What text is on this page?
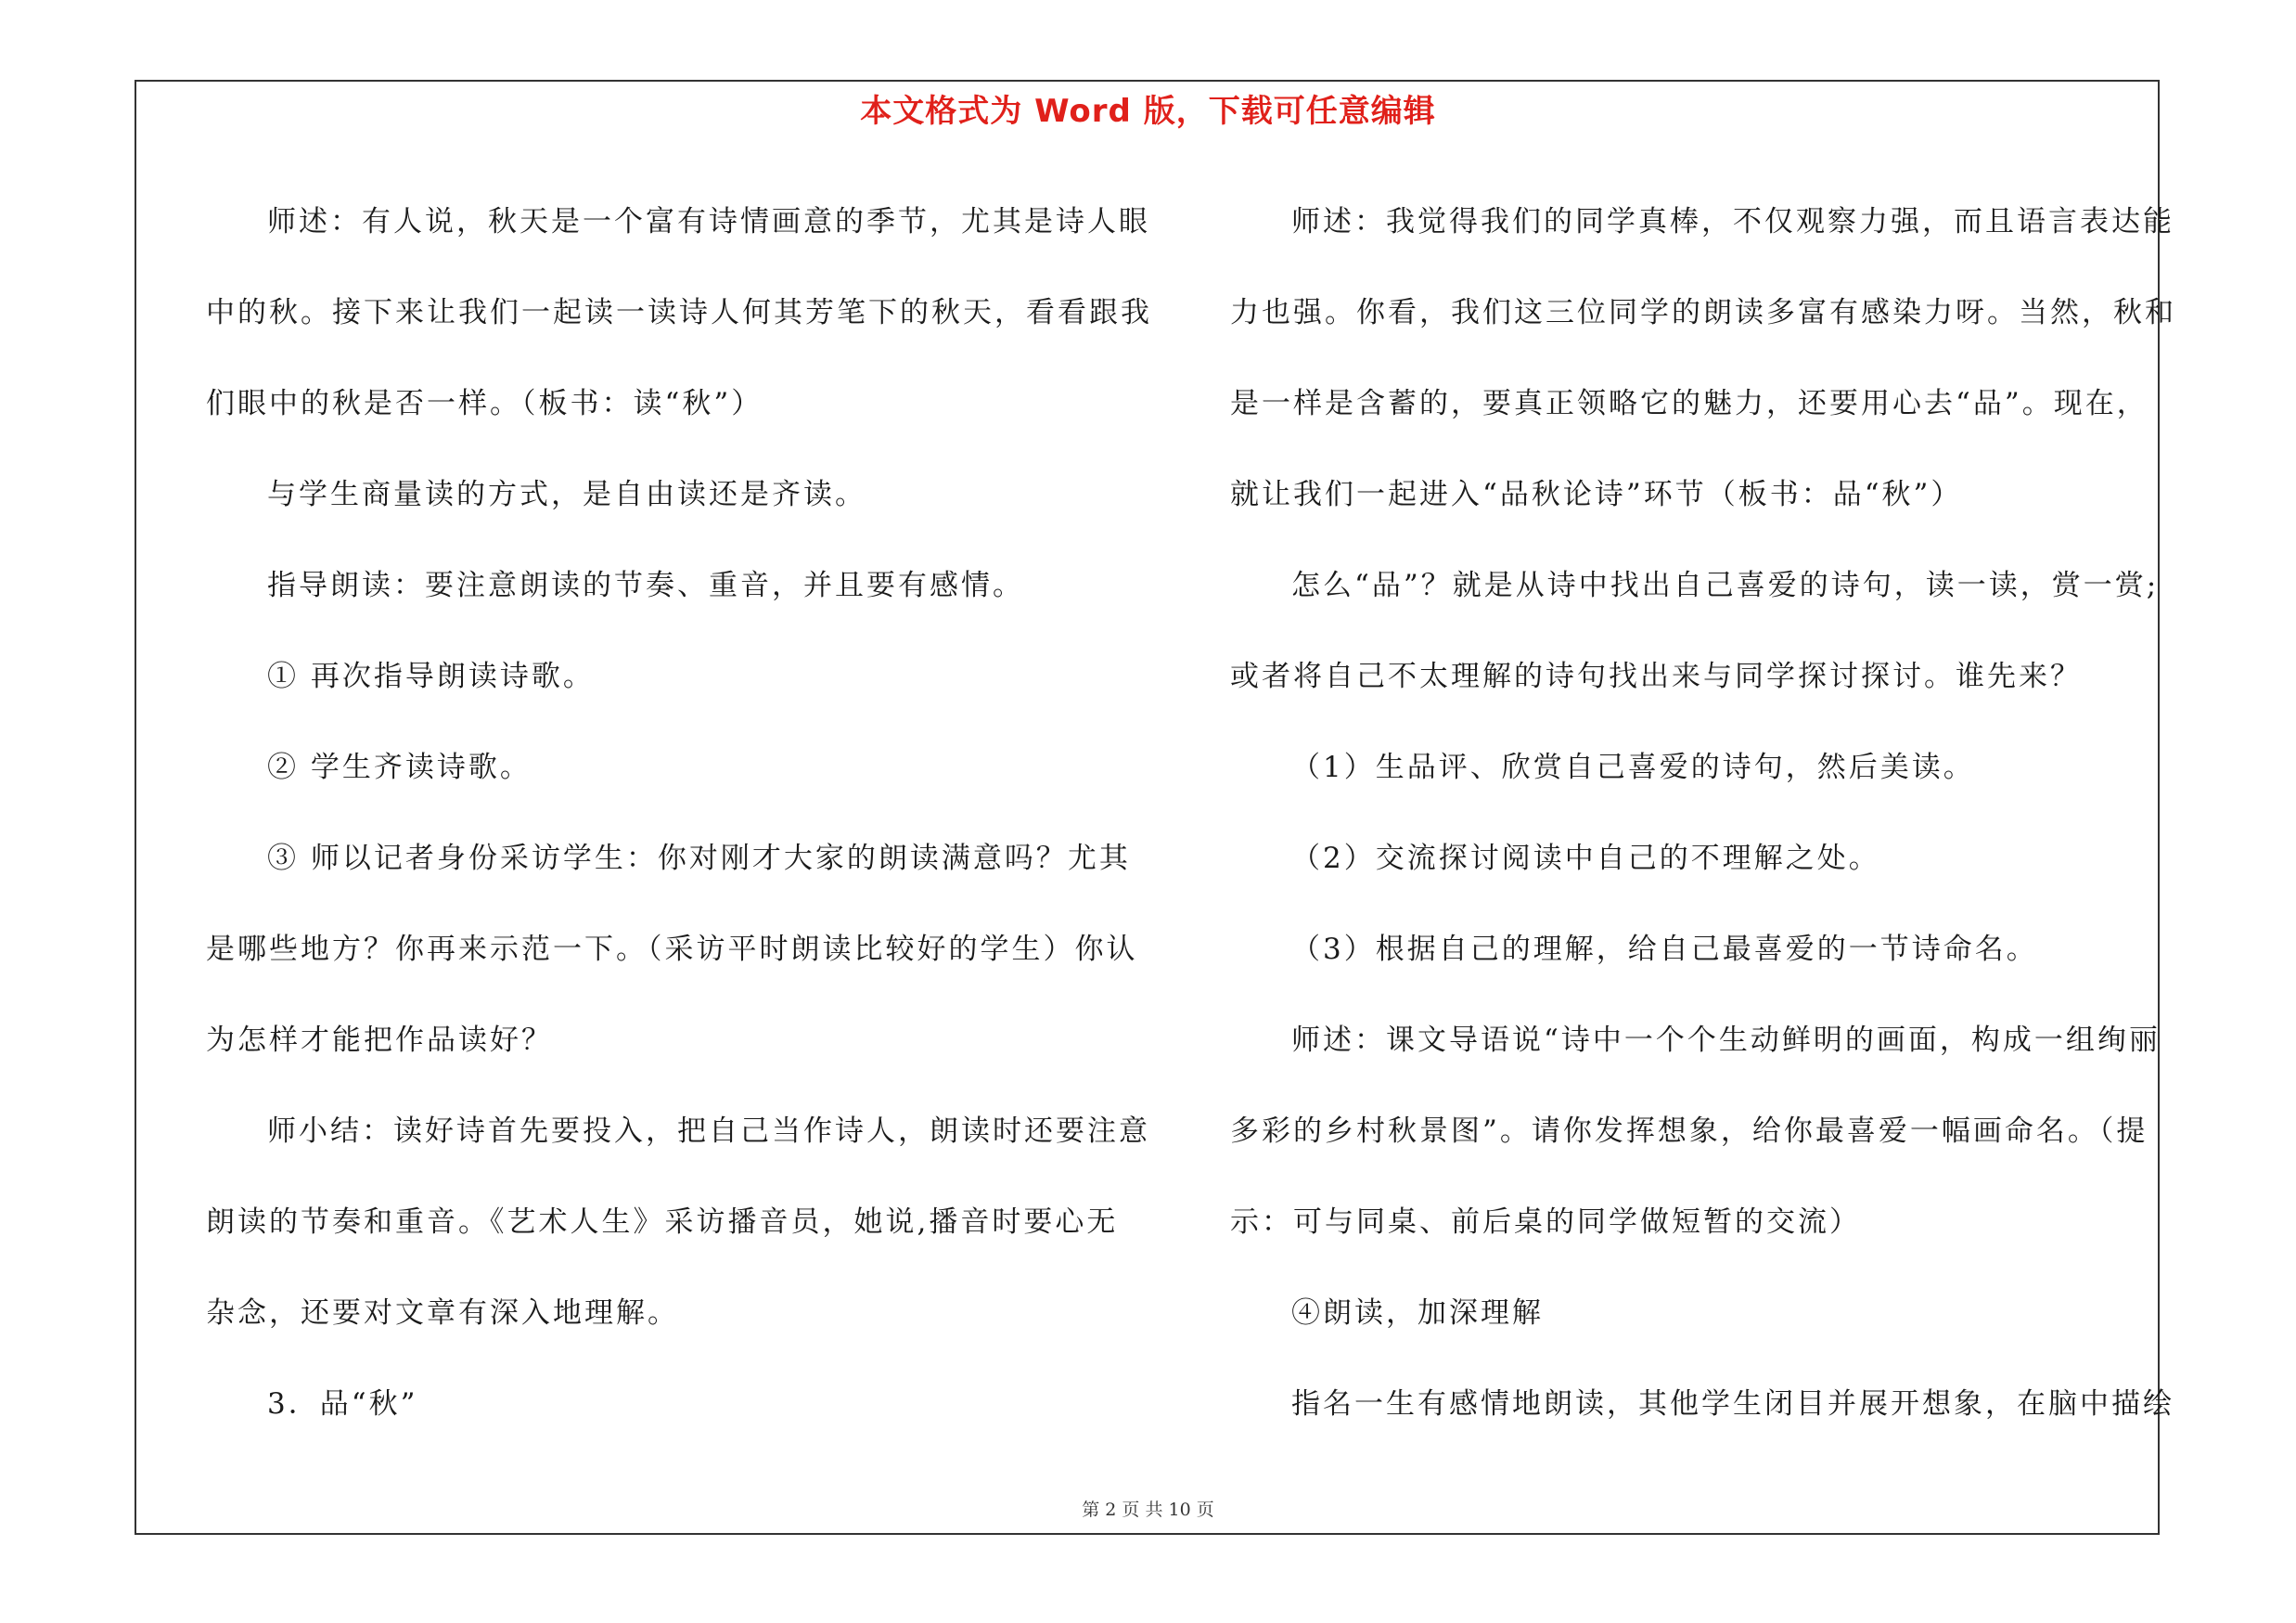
本文格式为 Word 版，下载可任意编辑

师述：有人说，秋天是一个富有诗情画意的季节，尤其是诗人眼

中的秋。接下来让我们一起读一读诗人何其芳笔下的秋天，看看跟我

们眼中的秋是否一样。（板书：读“秋”）

与学生商量读的方式，是自由读还是齐读。

指导朗读：要注意朗读的节奏、重音，并且要有感情。

① 再次指导朗读诗歌。

② 学生齐读诗歌。

③ 师以记者身份采访学生：你对刚才大家的朗读满意吗？尤其

是哪些地方？你再来示范一下。（采访平时朗读比较好的学生）你认

为怎样才能把作品读好？

师小结：读好诗首先要投入，把自己当作诗人，朗读时还要注意

朗读的节奏和重音。《艺术人生》采访播音员，她说,播音时要心无

杂念，还要对文章有深入地理解。

3．品“秋”

师述：我觉得我们的同学真棒，不仅观察力强，而且语言表达能

力也强。你看，我们这三位同学的朗读多富有感染力呀。当然，秋和

是一样是含蓄的，要真正领略它的魅力，还要用心去“品”。现在，

就让我们一起进入“品秋论诗”环节（板书：品“秋”）

怎么“品”？就是从诗中找出自己喜爱的诗句，读一读，赏一赏;

或者将自己不太理解的诗句找出来与同学探讨探讨。谁先来？

（1）生品评、欣赏自己喜爱的诗句，然后美读。

（2）交流探讨阅读中自己的不理解之处。

（3）根据自己的理解，给自己最喜爱的一节诗命名。

师述：课文导语说“诗中一个个生动鲜明的画面，构成一组绚丽

多彩的乡村秋景图”。请你发挥想象，给你最喜爱一幅画命名。（提

示：可与同桌、前后桌的同学做短暂的交流）

④朗读，加深理解

指名一生有感情地朗读，其他学生闭目并展开想象，在脑中描绘

第 2 页 共 10 页
